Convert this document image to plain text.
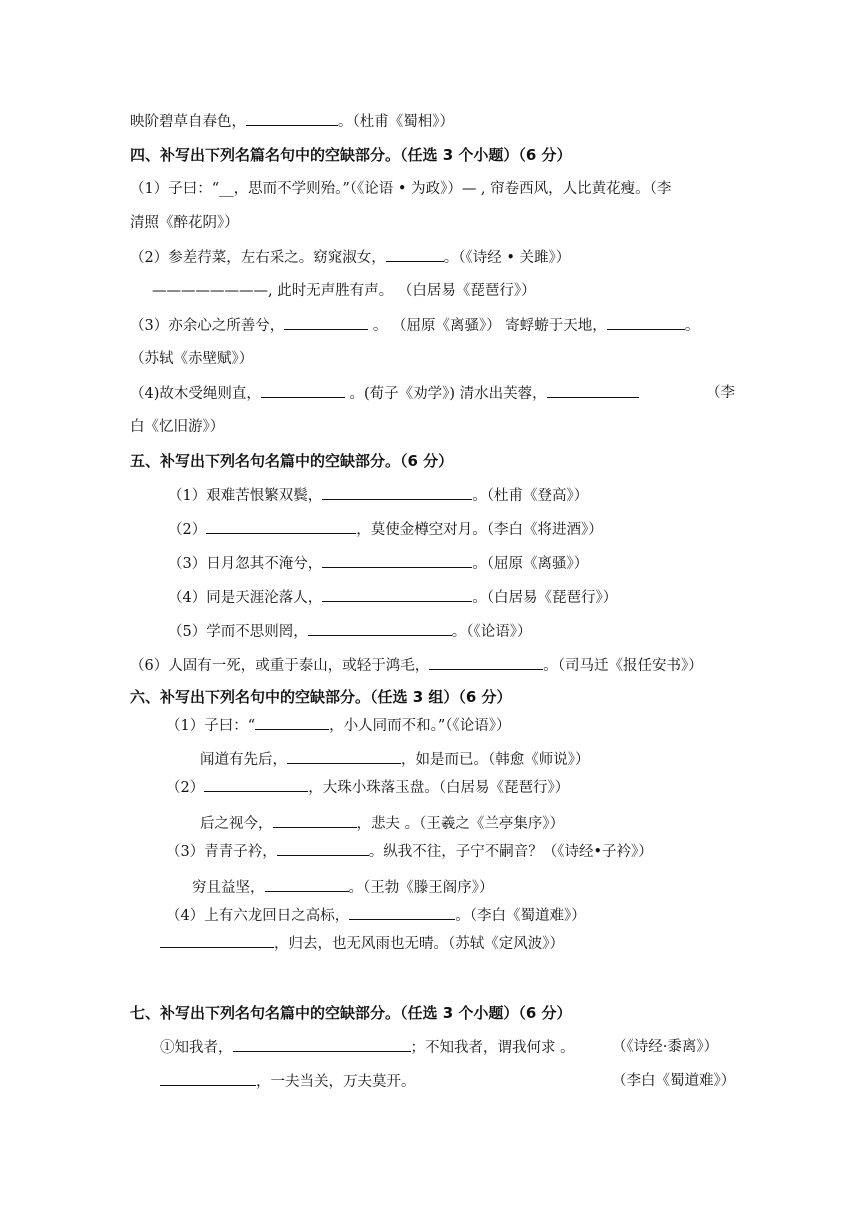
映阶碧草自春色，	。（杜甫《蜀相》）
四、补写出下列名篇名句中的空缺部分。（任选 3 个小题）（6 分）
（1）子曰：“__，思而不学则殆。”（《论语 • 为政》）— , 帘卷西风，人比黄花瘦。（李
清照《醉花阴》）
（2）参差荇菜，左右采之。窈窕淑女，	。（《诗经 • 关雎》）
————————, 此时无声胜有声。 （白居易《琵琶行》）
（3）亦余心之所善兮，	。 （屈原《离骚》） 寄蜉蝣于天地，	。
（苏轼《赤壁赋》）
（4)故木受绳则直，	。(荀子《劝学》) 清水出芙蓉，	（李
白《忆旧游》）
五、补写出下列名句名篇中的空缺部分。（6 分）
（1）艰难苦恨繁双鬓，	。（杜甫《登高》）
（2）	，莫使金樽空对月。（李白《将进酒》）
（3）日月忽其不淹兮，	。（屈原《离骚》）
（4）同是天涯沦落人，	。（白居易《琵琶行》）
（5）学而不思则罔，	。（《论语》）
（6）人固有一死，或重于泰山，或轻于鸿毛，	。（司马迁《报任安书》）
六、补写出下列名句中的空缺部分。（任选 3 组）（6 分）
（1）子曰：“	，小人同而不和。”（《论语》）
闻道有先后，	，如是而已。（韩愈《师说》）
（2）	，大珠小珠落玉盘。（白居易《琵琶行》）
后之视今，	，悲夫 。（王羲之《兰亭集序》）
（3）青青子衿，	。纵我不往，子宁不嗣音？（《诗经•子衿》）
穷且益坚，	。（王勃《滕王阁序》）
（4）上有六龙回日之高标，	。（李白《蜀道难》）
，归去，也无风雨也无晴。（苏轼《定风波》）
七、补写出下列名句名篇中的空缺部分。（任选 3 个小题）（6 分）
①知我者，	；不知我者，谓我何求 。	（《诗经·黍离》）
，一夫当关，万夫莫开。	（李白《蜀道难》）
